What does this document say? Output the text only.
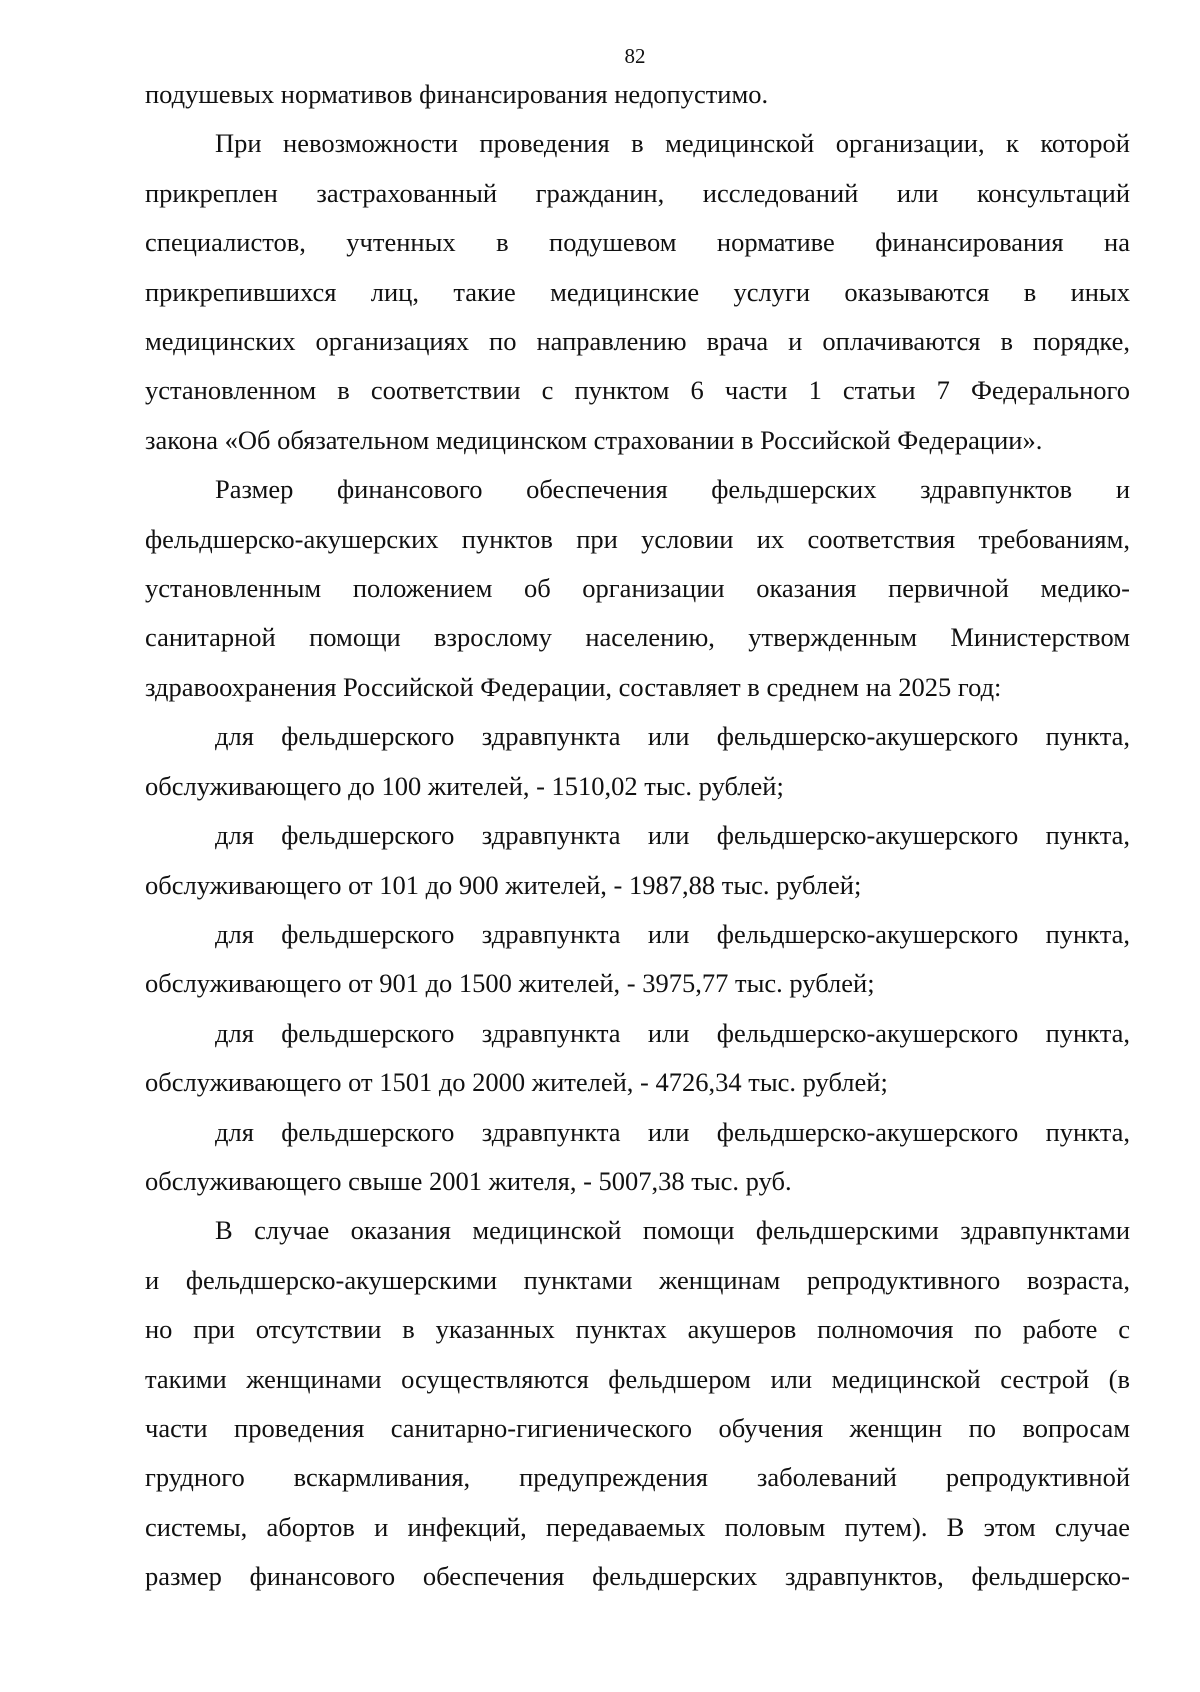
82
подушевых нормативов финансирования недопустимо.
При невозможности проведения в медицинской организации, к которой
прикреплен застрахованный гражданин, исследований или консультаций
специалистов, учтенных в подушевом нормативе финансирования на
прикрепившихся лиц, такие медицинские услуги оказываются в иных
медицинских организациях по направлению врача и оплачиваются в порядке,
установленном в соответствии с пунктом 6 части 1 статьи 7 Федерального
закона «Об обязательном медицинском страховании в Российской Федерации».
Размер финансового обеспечения фельдшерских здравпунктов и
фельдшерско-акушерских пунктов при условии их соответствия требованиям,
установленным положением об организации оказания первичной медико-
санитарной помощи взрослому населению, утвержденным Министерством
здравоохранения Российской Федерации, составляет в среднем на 2025 год:
для фельдшерского здравпункта или фельдшерско-акушерского пункта,
обслуживающего до 100 жителей, - 1510,02 тыс. рублей;
для фельдшерского здравпункта или фельдшерско-акушерского пункта,
обслуживающего от 101 до 900 жителей, - 1987,88 тыс. рублей;
для фельдшерского здравпункта или фельдшерско-акушерского пункта,
обслуживающего от 901 до 1500 жителей, - 3975,77 тыс. рублей;
для фельдшерского здравпункта или фельдшерско-акушерского пункта,
обслуживающего от 1501 до 2000 жителей, - 4726,34 тыс. рублей;
для фельдшерского здравпункта или фельдшерско-акушерского пункта,
обслуживающего свыше 2001 жителя, - 5007,38 тыс. руб.
В случае оказания медицинской помощи фельдшерскими здравпунктами
и фельдшерско-акушерскими пунктами женщинам репродуктивного возраста,
но при отсутствии в указанных пунктах акушеров полномочия по работе с
такими женщинами осуществляются фельдшером или медицинской сестрой (в
части проведения санитарно-гигиенического обучения женщин по вопросам
грудного вскармливания, предупреждения заболеваний репродуктивной
системы, абортов и инфекций, передаваемых половым путем). В этом случае
размер финансового обеспечения фельдшерских здравпунктов, фельдшерско-
